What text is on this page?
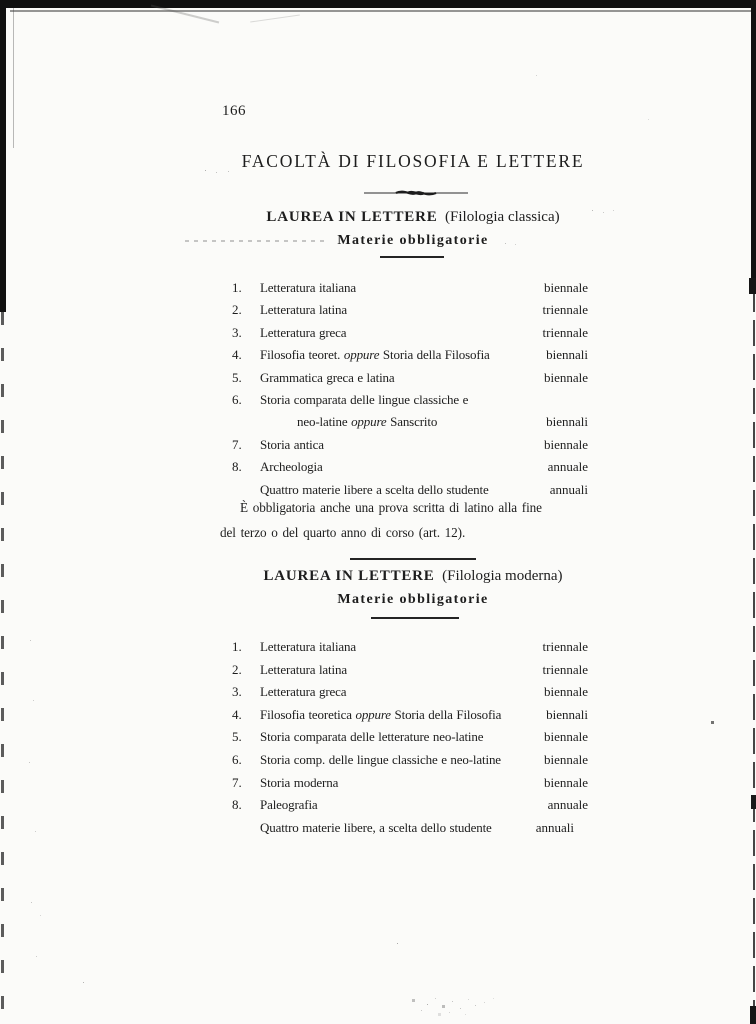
166
FACOLTÀ DI FILOSOFIA E LETTERE
LAUREA IN LETTERE (Filologia classica)
Materie obbligatorie
1.	Letteratura italiana	biennale
2.	Letteratura latina	triennale
3.	Letteratura greca	triennale
4.	Filosofia teoret. oppure Storia della Filosofia	biennali
5.	Grammatica greca e latina	biennale
6.	Storia comparata delle lingue classiche e
neo-latine oppure Sanscrito	biennali
7.	Storia antica	biennale
8.	Archeologia	annuale
Quattro materie libere a scelta dello studente	annuali
È obbligatoria anche una prova scritta di latino alla fine
del terzo o del quarto anno di corso (art. 12).
LAUREA IN LETTERE (Filologia moderna)
Materie obbligatorie
1.	Letteratura italiana	triennale
2.	Letteratura latina	triennale
3.	Letteratura greca	biennale
4.	Filosofia teoretica oppure Storia della Filosofia	biennali
5.	Storia comparata delle letterature neo-latine	biennale
6.	Storia comp. delle lingue classiche e neo-latine	biennale
7.	Storia moderna	biennale
8.	Paleografia	annuale
Quattro materie libere, a scelta dello studente	annuali
